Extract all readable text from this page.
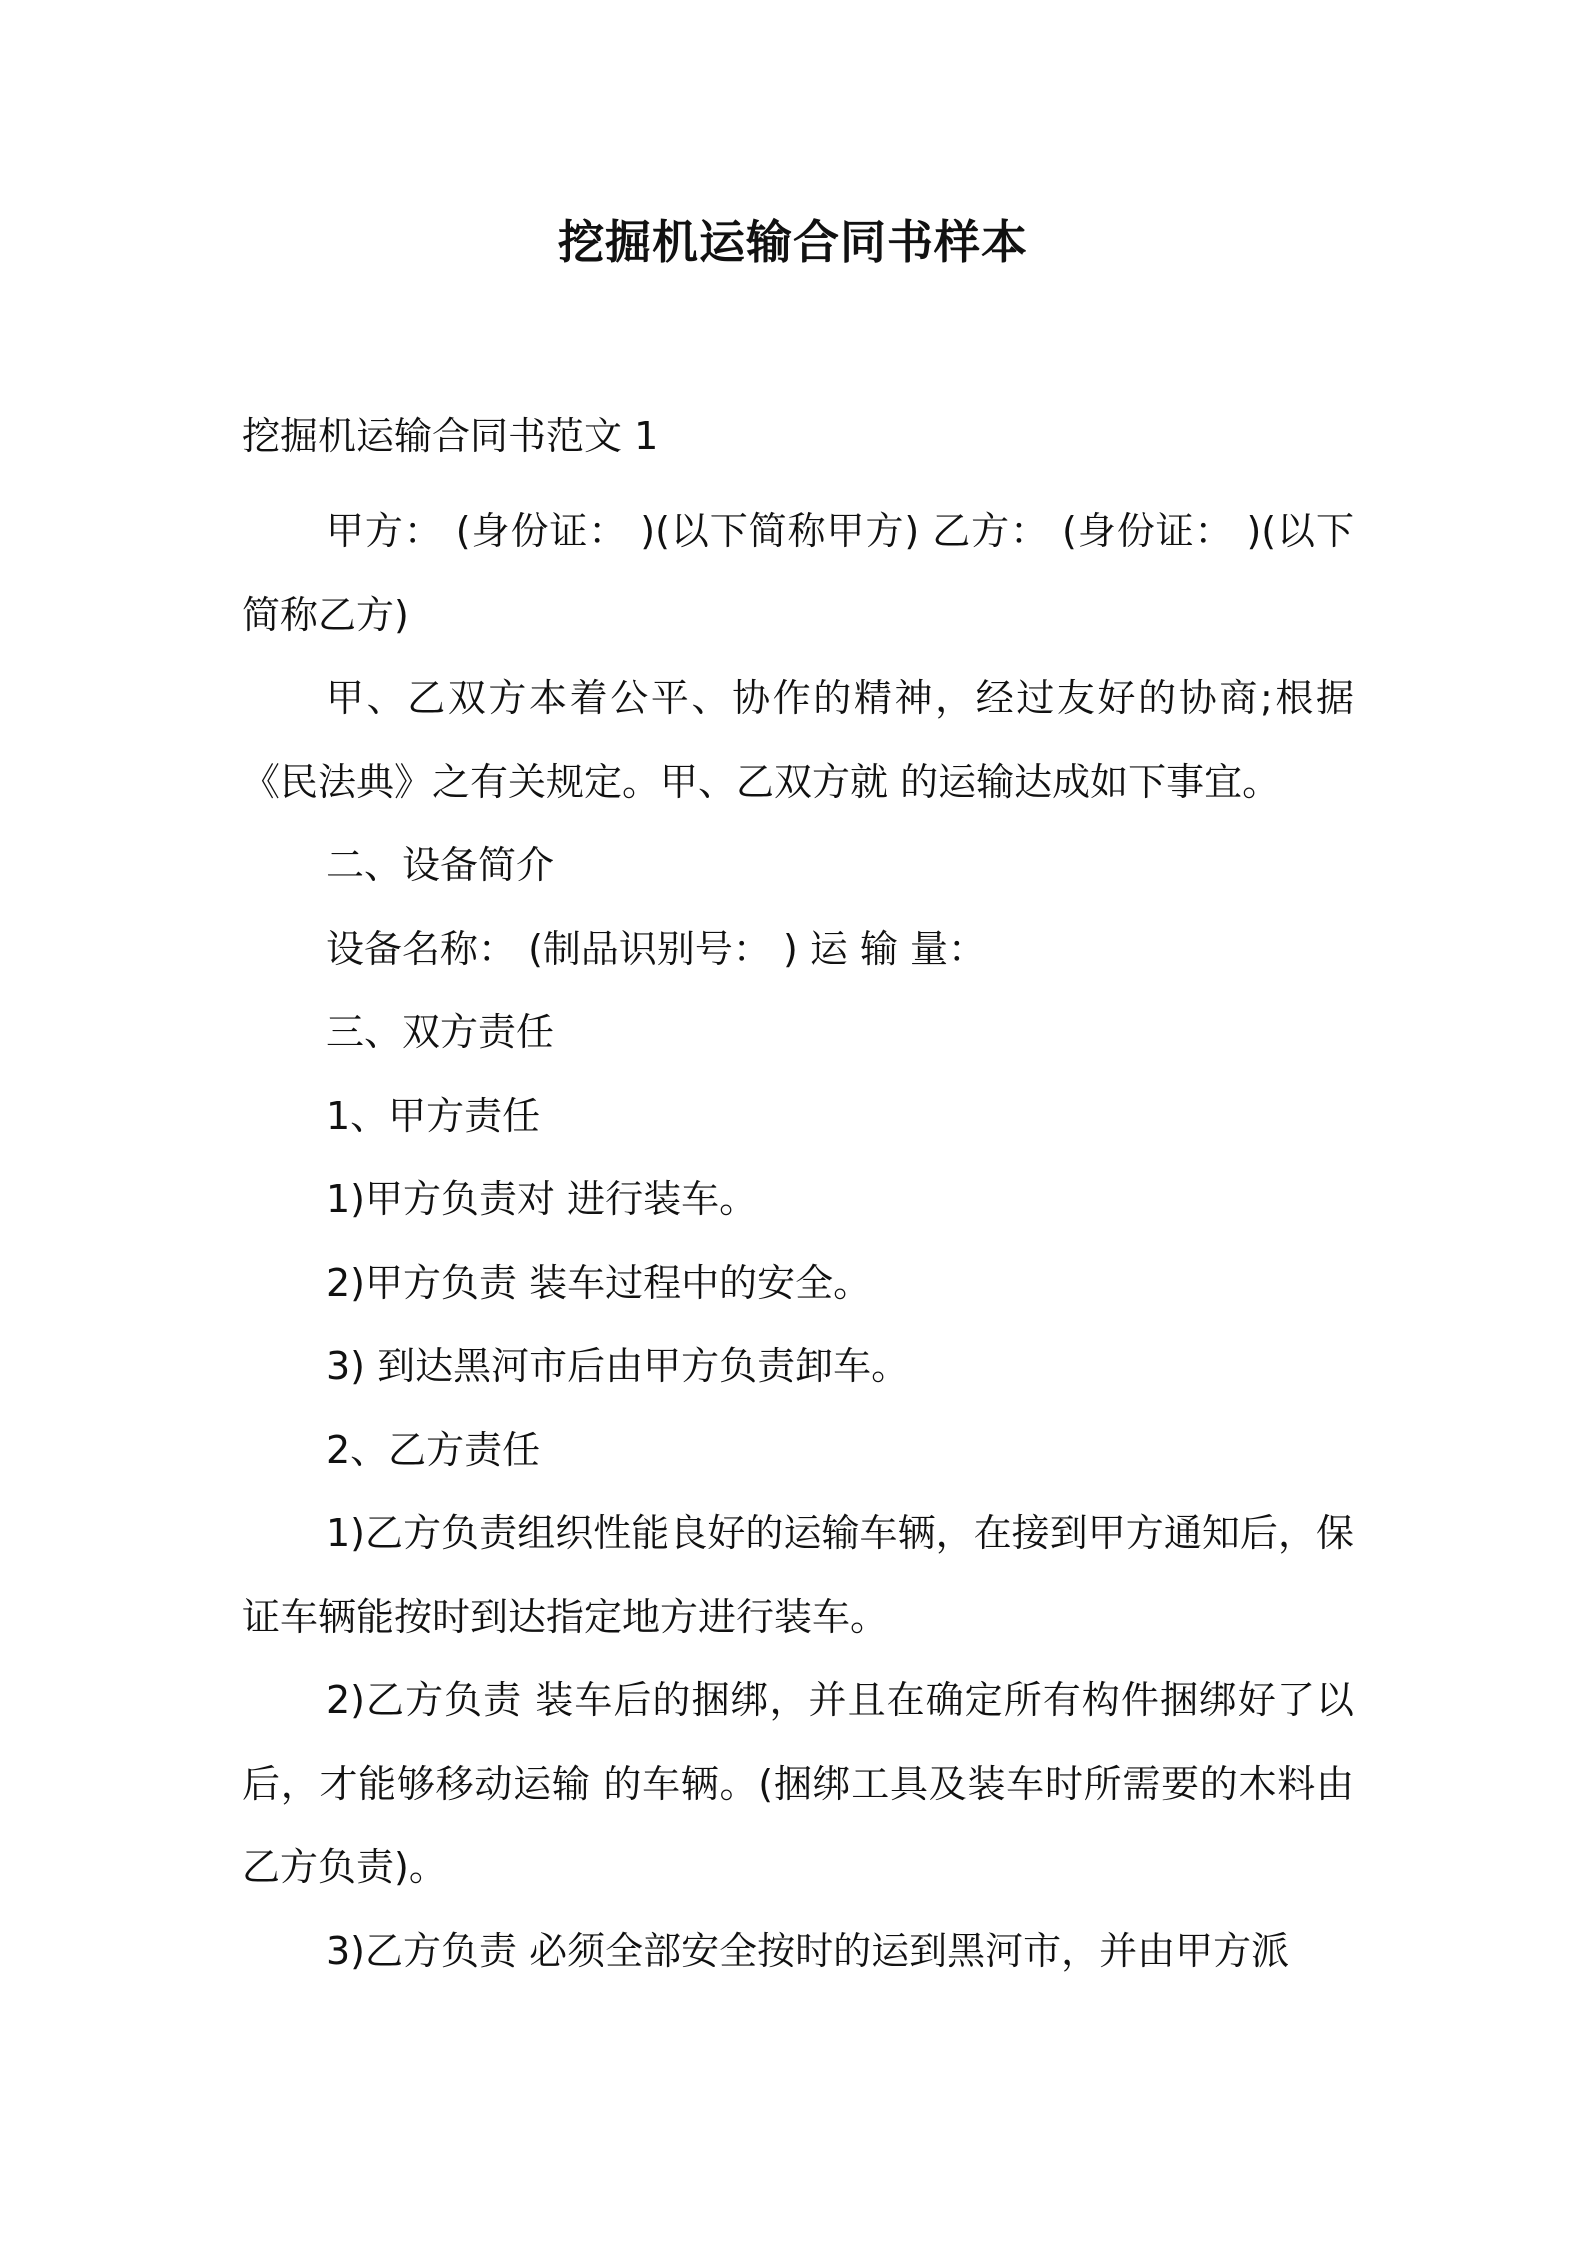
挖掘机运输合同书样本
挖掘机运输合同书范文 1

甲方： (身份证： )(以下简称甲方) 乙方： (身份证： )(以下简称乙方)

甲、乙双方本着公平、协作的精神，经过友好的协商;根据《民法典》之有关规定。甲、乙双方就 的运输达成如下事宜。

二、设备简介

设备名称： (制品识别号： ) 运 输 量：

三、双方责任

1、甲方责任

1)甲方负责对 进行装车。

2)甲方负责 装车过程中的安全。

3) 到达黑河市后由甲方负责卸车。

2、乙方责任

1)乙方负责组织性能良好的运输车辆，在接到甲方通知后，保证车辆能按时到达指定地方进行装车。

2)乙方负责 装车后的捆绑，并且在确定所有构件捆绑好了以后，才能够移动运输 的车辆。(捆绑工具及装车时所需要的木料由乙方负责)。

3)乙方负责 必须全部安全按时的运到黑河市，并由甲方派
